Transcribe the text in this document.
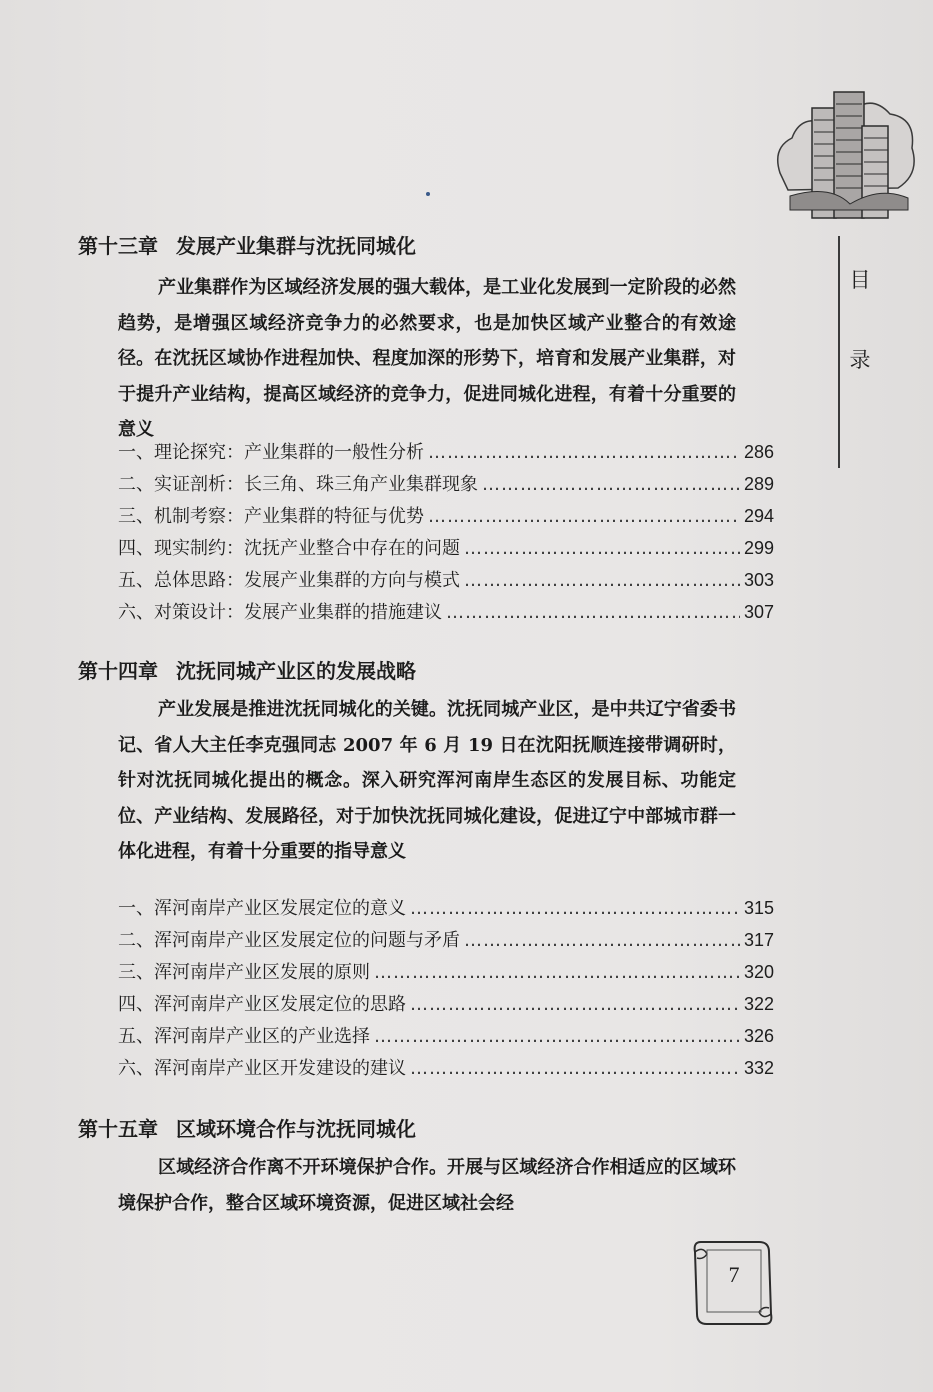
目
录
第十三章 发展产业集群与沈抚同城化
产业集群作为区域经济发展的强大载体，是工业化发展到一定阶段的必然趋势，是增强区域经济竞争力的必然要求，也是加快区域产业整合的有效途径。在沈抚区域协作进程加快、程度加深的形势下，培育和发展产业集群，对于提升产业结构，提高区域经济的竞争力，促进同城化进程，有着十分重要的意义
一、理论探究：产业集群的一般性分析 …………………………………………………………………………………………………………	286
二、实证剖析：长三角、珠三角产业集群现象 …………………………………………………………………………………………………………	289
三、机制考察：产业集群的特征与优势 …………………………………………………………………………………………………………	294
四、现实制约：沈抚产业整合中存在的问题 …………………………………………………………………………………………………………	299
五、总体思路：发展产业集群的方向与模式 …………………………………………………………………………………………………………	303
六、对策设计：发展产业集群的措施建议 …………………………………………………………………………………………………………	307
第十四章 沈抚同城产业区的发展战略
产业发展是推进沈抚同城化的关键。沈抚同城产业区，是中共辽宁省委书记、省人大主任李克强同志 2007 年 6 月 19 日在沈阳抚顺连接带调研时，针对沈抚同城化提出的概念。深入研究浑河南岸生态区的发展目标、功能定位、产业结构、发展路径，对于加快沈抚同城化建设，促进辽宁中部城市群一体化进程，有着十分重要的指导意义
一、浑河南岸产业区发展定位的意义 …………………………………………………………………………………………………………	315
二、浑河南岸产业区发展定位的问题与矛盾 …………………………………………………………………………………………………………	317
三、浑河南岸产业区发展的原则 …………………………………………………………………………………………………………	320
四、浑河南岸产业区发展定位的思路 …………………………………………………………………………………………………………	322
五、浑河南岸产业区的产业选择 …………………………………………………………………………………………………………	326
六、浑河南岸产业区开发建设的建议 …………………………………………………………………………………………………………	332
第十五章 区域环境合作与沈抚同城化
区域经济合作离不开环境保护合作。开展与区域经济合作相适应的区域环境保护合作，整合区域环境资源，促进区域社会经
7
